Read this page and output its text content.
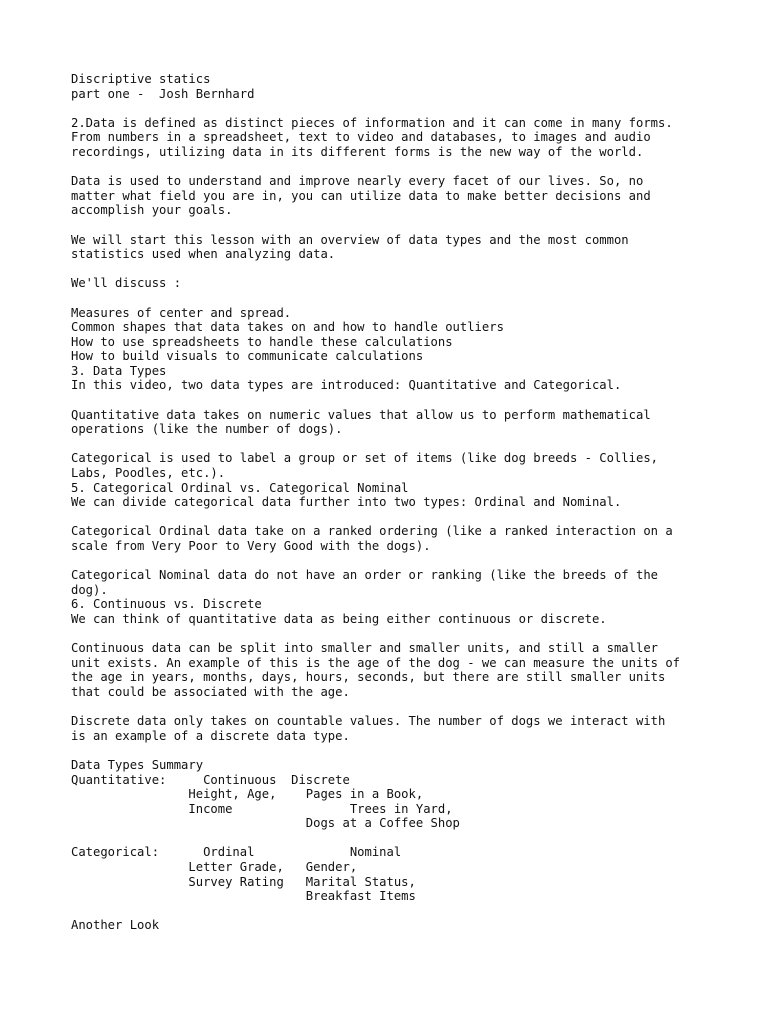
Discriptive statics
part one -  Josh Bernhard
2.Data is defined as distinct pieces of information and it can come in many forms.
From numbers in a spreadsheet, text to video and databases, to images and audio
recordings, utilizing data in its different forms is the new way of the world.
Data is used to understand and improve nearly every facet of our lives. So, no
matter what field you are in, you can utilize data to make better decisions and
accomplish your goals.
We will start this lesson with an overview of data types and the most common
statistics used when analyzing data.
We'll discuss :
Measures of center and spread.
Common shapes that data takes on and how to handle outliers
How to use spreadsheets to handle these calculations
How to build visuals to communicate calculations
3. Data Types
In this video, two data types are introduced: Quantitative and Categorical.
Quantitative data takes on numeric values that allow us to perform mathematical
operations (like the number of dogs).
Categorical is used to label a group or set of items (like dog breeds - Collies,
Labs, Poodles, etc.).
5. Categorical Ordinal vs. Categorical Nominal
We can divide categorical data further into two types: Ordinal and Nominal.
Categorical Ordinal data take on a ranked ordering (like a ranked interaction on a
scale from Very Poor to Very Good with the dogs).
Categorical Nominal data do not have an order or ranking (like the breeds of the
dog).
6. Continuous vs. Discrete
We can think of quantitative data as being either continuous or discrete.
Continuous data can be split into smaller and smaller units, and still a smaller
unit exists. An example of this is the age of the dog - we can measure the units of
the age in years, months, days, hours, seconds, but there are still smaller units
that could be associated with the age.
Discrete data only takes on countable values. The number of dogs we interact with
is an example of a discrete data type.
Data Types Summary
Quantitative:     Continuous  Discrete
Height, Age,    Pages in a Book,
Income                Trees in Yard,
Dogs at a Coffee Shop
Categorical:      Ordinal             Nominal
Letter Grade,   Gender,
Survey Rating   Marital Status,
Breakfast Items
Another Look
